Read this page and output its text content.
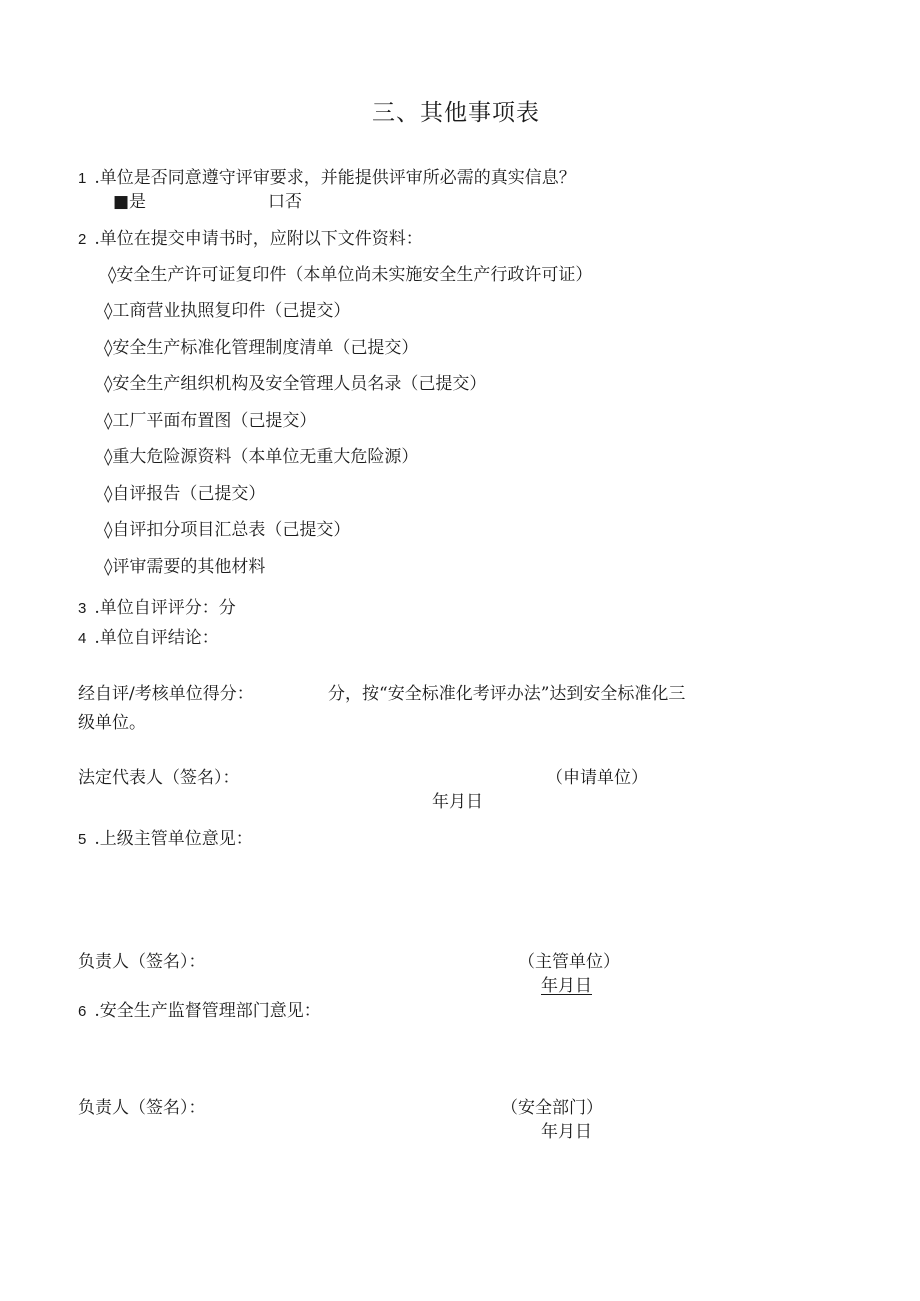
三、其他事项表
1 .单位是否同意遵守评审要求，并能提供评审所必需的真实信息？
■是	口否
2 .单位在提交申请书时，应附以下文件资料：
◊安全生产许可证复印件（本单位尚未实施安全生产行政许可证）
◊工商营业执照复印件（己提交）
◊安全生产标准化管理制度清单（己提交）
◊安全生产组织机构及安全管理人员名录（己提交）
◊工厂平面布置图（己提交）
◊重大危险源资料（本单位无重大危险源）
◊自评报告（己提交）
◊自评扣分项目汇总表（己提交）
◊评审需要的其他材料
3 .单位自评评分：分
4 .单位自评结论：
经自评/考核单位得分：	分，按“安全标准化考评办法”达到安全标准化三
级单位。
法定代表人（签名）：	（申请单位）
年月日
5 .上级主管单位意见：
负责人（签名）：	（主管单位）
年月日
6 .安全生产监督管理部门意见：
负责人（签名）：	（安全部门）
年月日
